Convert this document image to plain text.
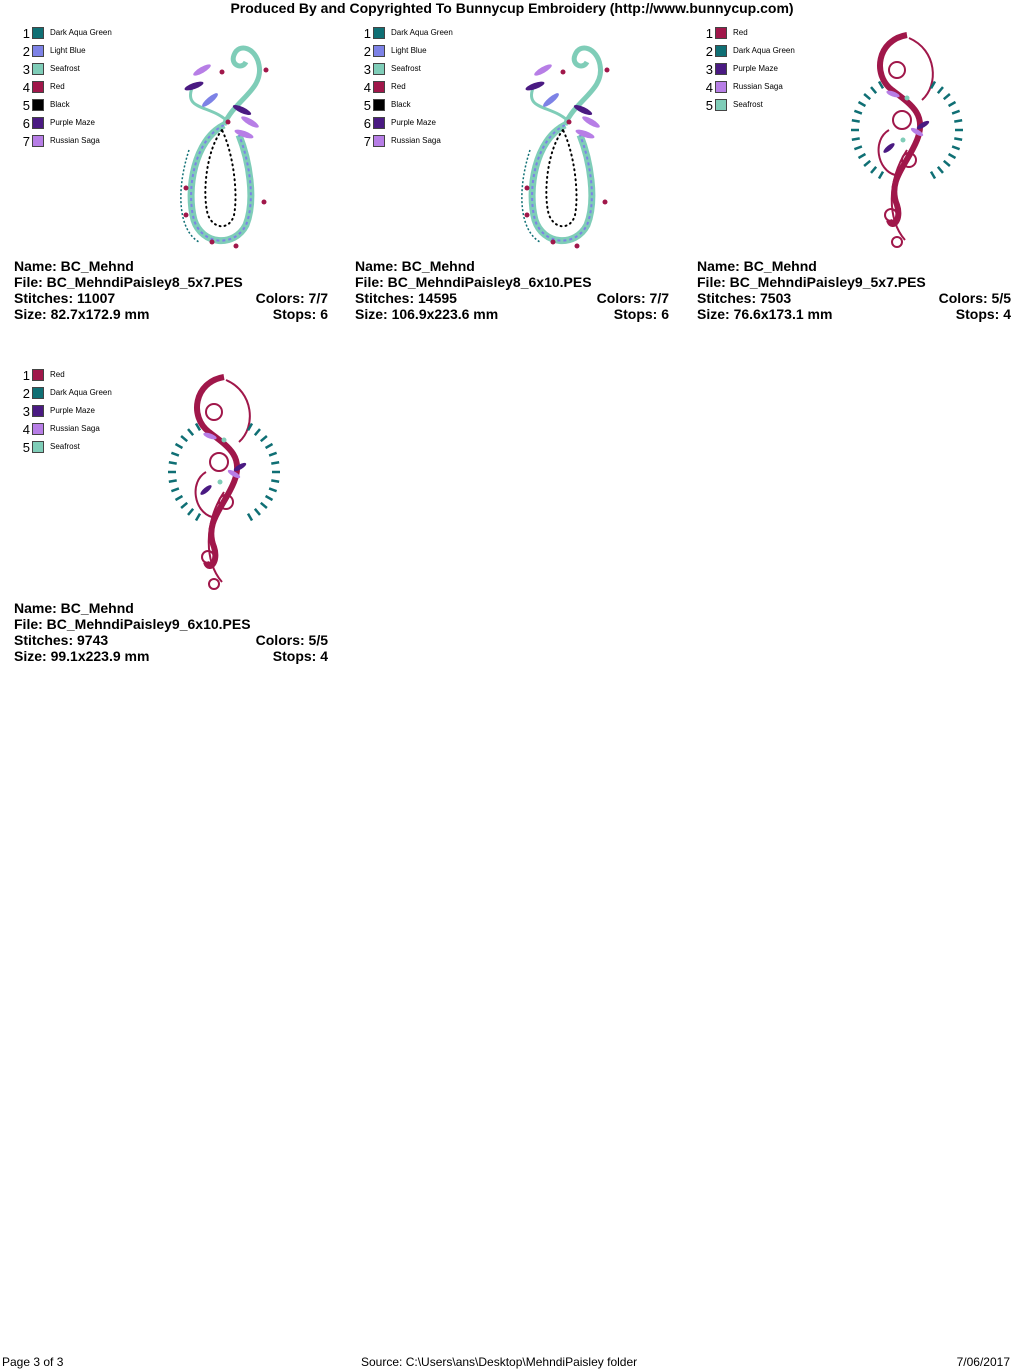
Produced By and Copyrighted To Bunnycup Embroidery (http://www.bunnycup.com)
1	Dark Aqua Green
2	Light Blue
3	Seafrost
4	Red
5	Black
6	Purple Maze
7	Russian Saga
Name: BC_Mehnd
File: BC_MehndiPaisley8_5x7.PES
Stitches: 11007	Colors: 7/7
Size: 82.7x172.9 mm	Stops: 6
1	Dark Aqua Green
2	Light Blue
3	Seafrost
4	Red
5	Black
6	Purple Maze
7	Russian Saga
Name: BC_Mehnd
File: BC_MehndiPaisley8_6x10.PES
Stitches: 14595	Colors: 7/7
Size: 106.9x223.6 mm	Stops: 6
1	Red
2	Dark Aqua Green
3	Purple Maze
4	Russian Saga
5	Seafrost
Name: BC_Mehnd
File: BC_MehndiPaisley9_5x7.PES
Stitches: 7503	Colors: 5/5
Size: 76.6x173.1 mm	Stops: 4
1	Red
2	Dark Aqua Green
3	Purple Maze
4	Russian Saga
5	Seafrost
Name: BC_Mehnd
File: BC_MehndiPaisley9_6x10.PES
Stitches: 9743	Colors: 5/5
Size: 99.1x223.9 mm	Stops: 4
Page 3 of 3	Source: C:\Users\ans\Desktop\MehndiPaisley folder	7/06/2017
